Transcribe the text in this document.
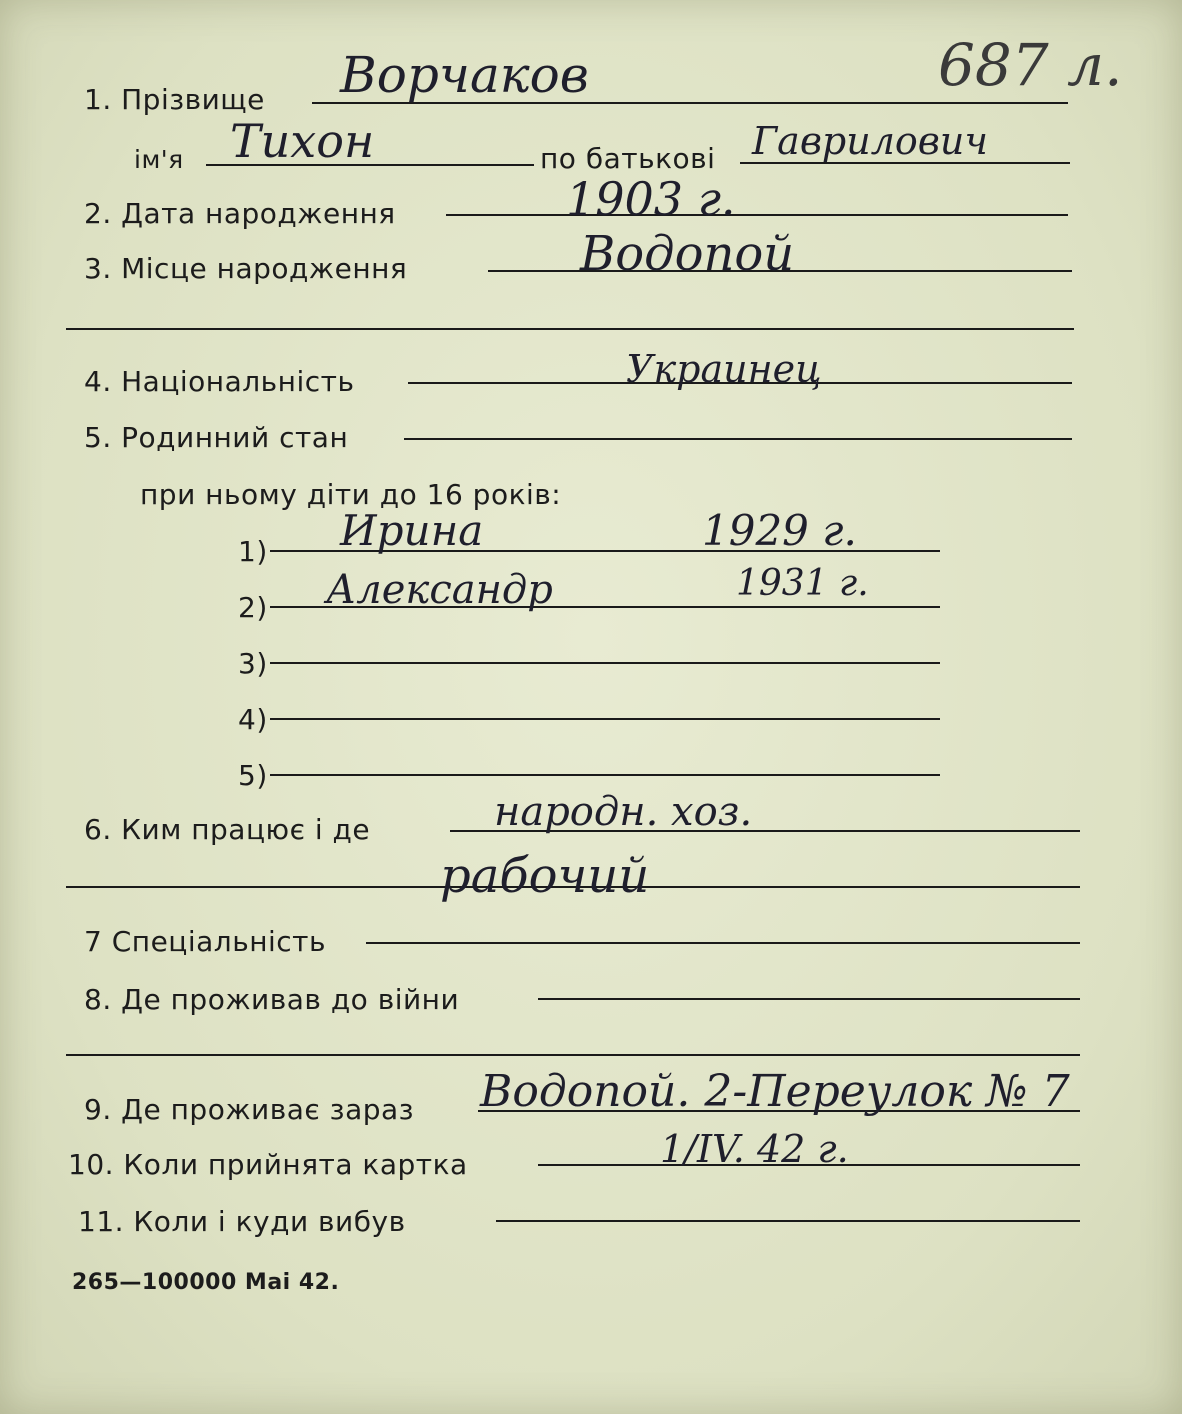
687 л.
1. Прізвище Ворчаков
ім'я Тихон	по батькові Гаврилович
2. Дата народження	1903 г.
3. Місце народження	Водопой
4. Національність	Украинец
5. Родинний стан
при ньому діти до 16 років:
1) Ирина	1929 г.
2) Александр	1931 г.
3)
4)
5)
6. Ким працює і де	народн. хоз.
рабочий
7 Спеціальність
8. Де проживав до війни
9. Де проживає зараз Водопой. 2-Переулок № 7
10. Коли прийнята картка	1/IV. 42 г.
11. Коли і куди вибув
265—100000 Mai 42.
